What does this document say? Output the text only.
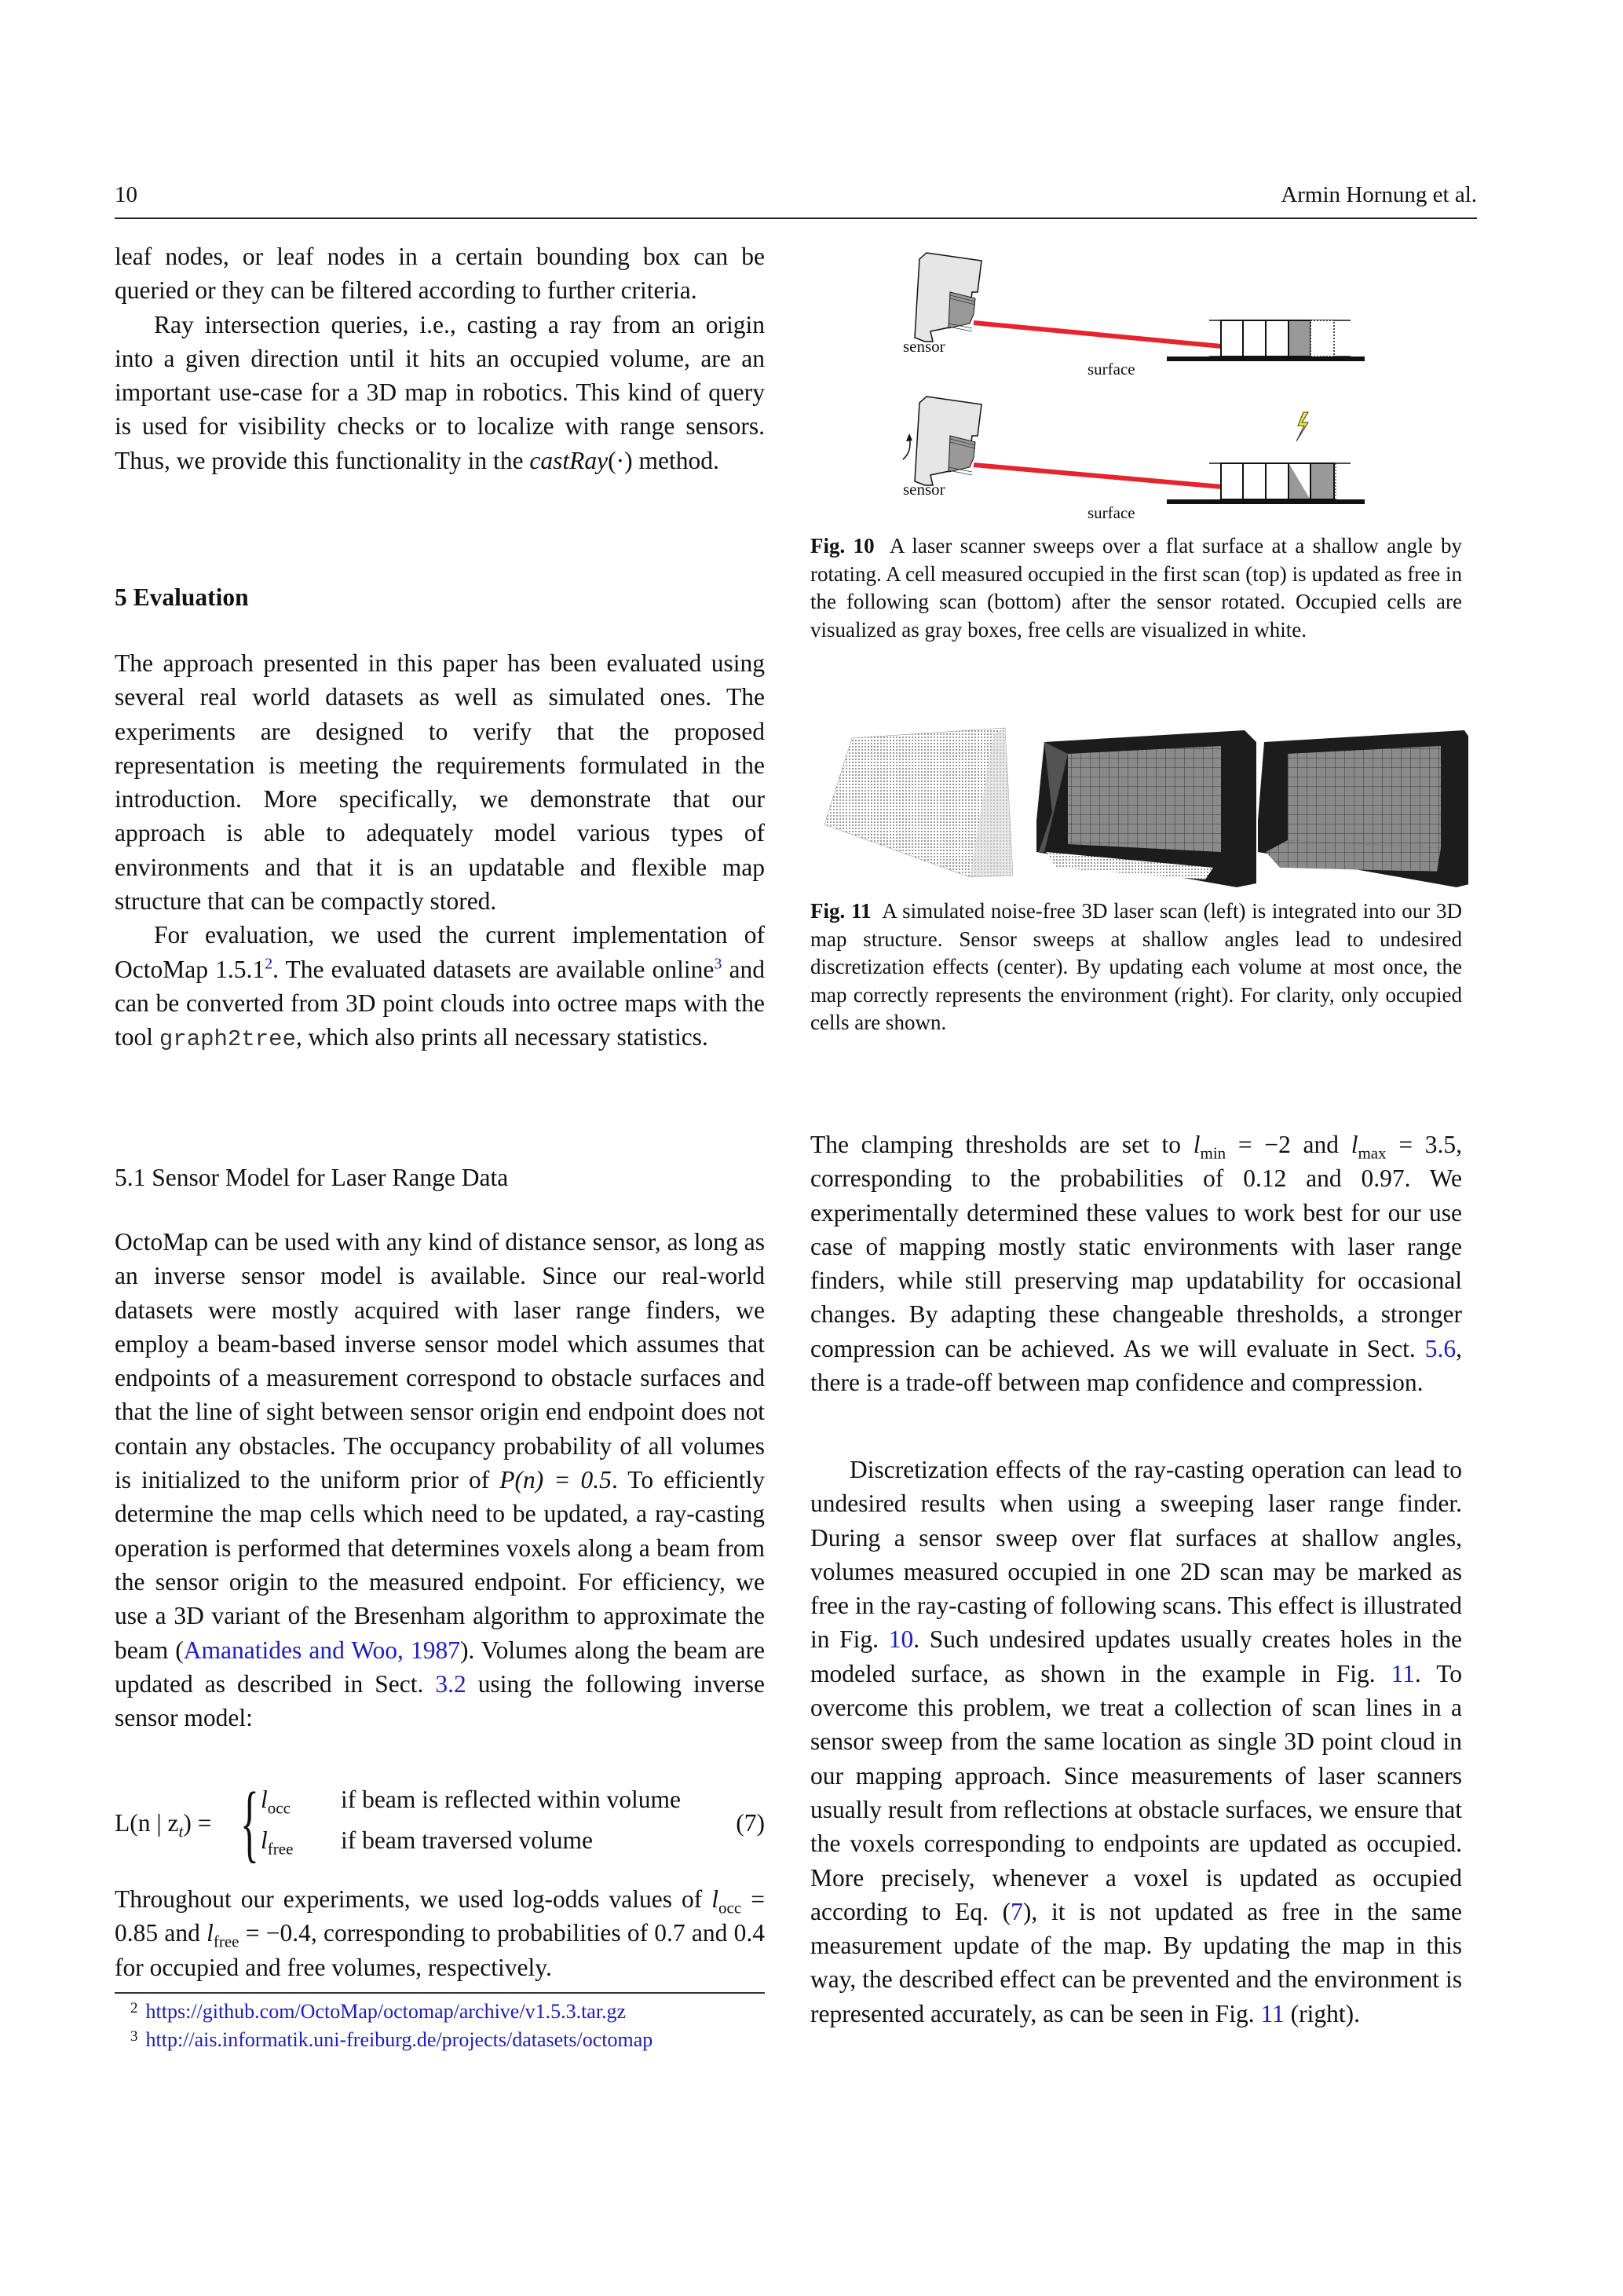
10	Armin Hornung et al.

leaf nodes, or leaf nodes in a certain bounding box can be queried or they can be filtered according to further criteria.

Ray intersection queries, i.e., casting a ray from an origin into a given direction until it hits an occupied volume, are an important use-case for a 3D map in robotics. This kind of query is used for visibility checks or to localize with range sensors. Thus, we provide this functionality in the castRay(·) method.

5 Evaluation

The approach presented in this paper has been evaluated using several real world datasets as well as simulated ones. The experiments are designed to verify that the proposed representation is meeting the requirements formulated in the introduction. More specifically, we demonstrate that our approach is able to adequately model various types of environments and that it is an updatable and flexible map structure that can be compactly stored.

For evaluation, we used the current implementation of OctoMap 1.5.1$^2$. The evaluated datasets are available online$^3$ and can be converted from 3D point clouds into octree maps with the tool graph2tree, which also prints all necessary statistics.

5.1 Sensor Model for Laser Range Data

OctoMap can be used with any kind of distance sensor, as long as an inverse sensor model is available. Since our real-world datasets were mostly acquired with laser range finders, we employ a beam-based inverse sensor model which assumes that endpoints of a measurement correspond to obstacle surfaces and that the line of sight between sensor origin end endpoint does not contain any obstacles. The occupancy probability of all volumes is initialized to the uniform prior of P(n) = 0.5. To efficiently determine the map cells which need to be updated, a ray-casting operation is performed that determines voxels along a beam from the sensor origin to the measured endpoint. For efficiency, we use a 3D variant of the Bresenham algorithm to approximate the beam (Amanatides and Woo, 1987). Volumes along the beam are updated as described in Sect. 3.2 using the following inverse sensor model:

L(n | $z_t$) = { $l_{occ}$ if beam is reflected within volume
$l_{free}$ if beam traversed volume
(7)

Throughout our experiments, we used log-odds values of $l_{occ} = 0.85$ and $l_{free} = -0.4$, corresponding to probabilities of 0.7 and 0.4 for occupied and free volumes, respectively.

$^2$ https://github.com/OctoMap/octomap/archive/v1.5.3.tar.gz
$^3$ http://ais.informatik.uni-freiburg.de/projects/datasets/octomap
sensor
surface
sensor
surface
Fig. 10 A laser scanner sweeps over a flat surface at a shallow angle by rotating. A cell measured occupied in the first scan (top) is updated as free in the following scan (bottom) after the sensor rotated. Occupied cells are visualized as gray boxes, free cells are visualized in white.
Fig. 11 A simulated noise-free 3D laser scan (left) is integrated into our 3D map structure. Sensor sweeps at shallow angles lead to undesired discretization effects (center). By updating each volume at most once, the map correctly represents the environment (right). For clarity, only occupied cells are shown.

The clamping thresholds are set to $l_{min} = -2$ and $l_{max} = 3.5$, corresponding to the probabilities of 0.12 and 0.97. We experimentally determined these values to work best for our use case of mapping mostly static environments with laser range finders, while still preserving map updatability for occasional changes. By adapting these changeable thresholds, a stronger compression can be achieved. As we will evaluate in Sect. 5.6, there is a trade-off between map confidence and compression.

Discretization effects of the ray-casting operation can lead to undesired results when using a sweeping laser range finder. During a sensor sweep over flat surfaces at shallow angles, volumes measured occupied in one 2D scan may be marked as free in the ray-casting of following scans. This effect is illustrated in Fig. 10. Such undesired updates usually creates holes in the modeled surface, as shown in the example in Fig. 11. To overcome this problem, we treat a collection of scan lines in a sensor sweep from the same location as single 3D point cloud in our mapping approach. Since measurements of laser scanners usually result from reflections at obstacle surfaces, we ensure that the voxels corresponding to endpoints are updated as occupied. More precisely, whenever a voxel is updated as occupied according to Eq. (7), it is not updated as free in the same measurement update of the map. By updating the map in this way, the described effect can be prevented and the environment is represented accurately, as can be seen in Fig. 11 (right).
